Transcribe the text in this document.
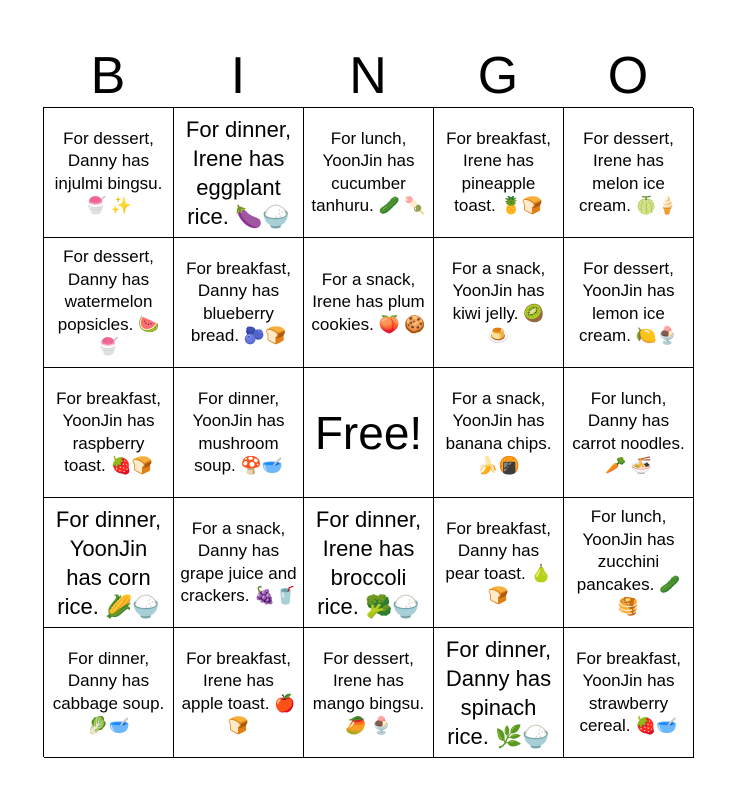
B	I	N	G	O
For dessert, Danny has injulmi bingsu. 🍧 ✨
For dinner, Irene has eggplant rice. 🍆🍚
For lunch, YoonJin has cucumber tanhuru. 🥒 🍡
For breakfast, Irene has pineapple toast. 🍍🍞
For dessert, Irene has melon ice cream. 🍈🍦
For dessert, Danny has watermelon popsicles. 🍉🍧
For breakfast, Danny has blueberry bread. 🫐🍞
For a snack, Irene has plum cookies. 🍑 🍪
For a snack, YoonJin has kiwi jelly. 🥝 🍮
For dessert, YoonJin has lemon ice cream. 🍋🍨
For breakfast, YoonJin has raspberry toast. 🍓🍞
For dinner, YoonJin has mushroom soup. 🍄🥣
Free!
For a snack, YoonJin has banana chips. 🍌🍘
For lunch, Danny has carrot noodles. 🥕 🍜
For dinner, YoonJin has corn rice. 🌽🍚
For a snack, Danny has grape juice and crackers. 🍇🥤
For dinner, Irene has broccoli rice. 🥦🍚
For breakfast, Danny has pear toast. 🍐🍞
For lunch, YoonJin has zucchini pancakes. 🥒🥞
For dinner, Danny has cabbage soup. 🥬🥣
For breakfast, Irene has apple toast. 🍎🍞
For dessert, Irene has mango bingsu. 🥭 🍨
For dinner, Danny has spinach rice. 🌿🍚
For breakfast, YoonJin has strawberry cereal. 🍓🥣
